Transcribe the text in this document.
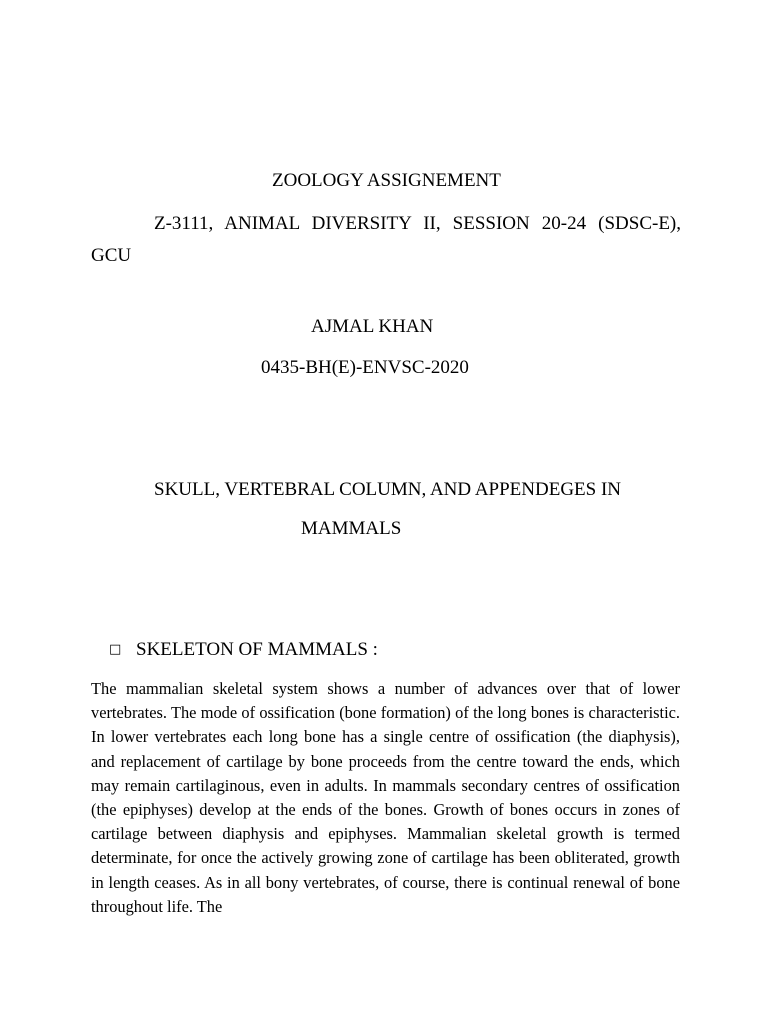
ZOOLOGY ASSIGNEMENT
Z-3111, ANIMAL DIVERSITY II, SESSION 20-24 (SDSC-E), GCU
AJMAL KHAN
0435-BH(E)-ENVSC-2020
SKULL, VERTEBRAL COLUMN, AND APPENDEGES IN
MAMMALS
□ SKELETON OF MAMMALS :
The mammalian skeletal system shows a number of advances over that of lower vertebrates. The mode of ossification (bone formation) of the long bones is characteristic. In lower vertebrates each long bone has a single centre of ossification (the diaphysis), and replacement of cartilage by bone proceeds from the centre toward the ends, which may remain cartilaginous, even in adults. In mammals secondary centres of ossification (the epiphyses) develop at the ends of the bones. Growth of bones occurs in zones of cartilage between diaphysis and epiphyses. Mammalian skeletal growth is termed determinate, for once the actively growing zone of cartilage has been obliterated, growth in length ceases. As in all bony vertebrates, of course, there is continual renewal of bone throughout life. The
